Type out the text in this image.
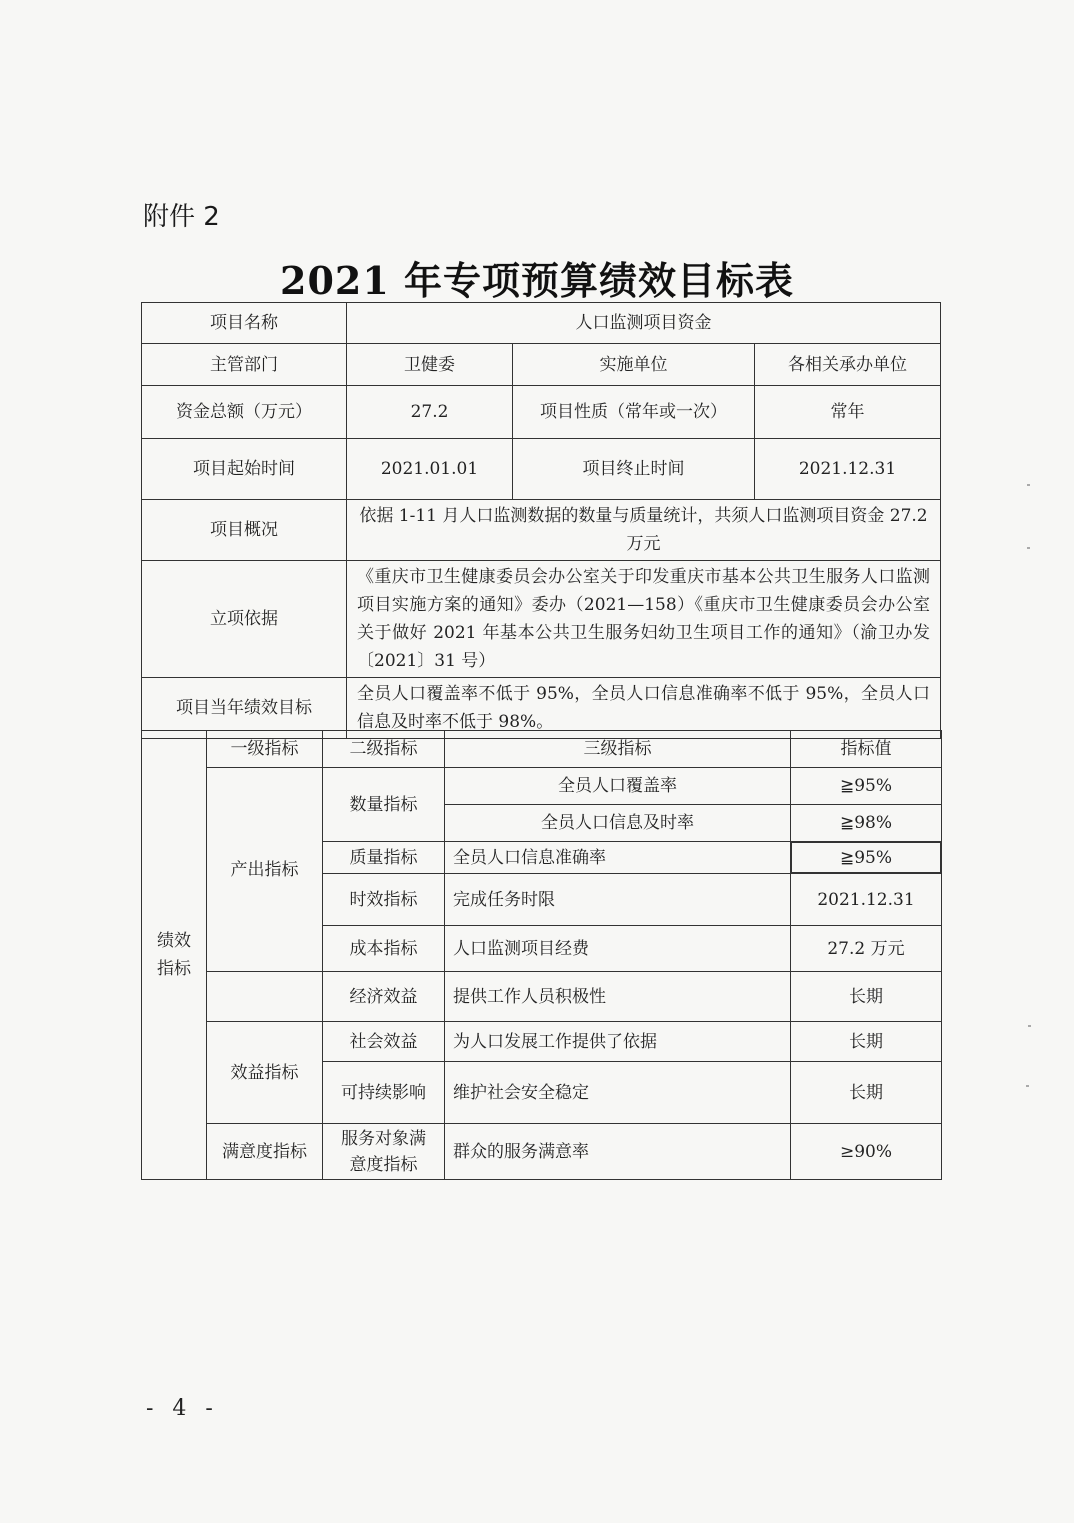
附件 2
2021 年专项预算绩效目标表
项目名称	人口监测项目资金		
主管部门	卫健委	实施单位	各相关承办单位
资金总额（万元）	27.2	项目性质（常年或一次）	常年
项目起始时间	2021.01.01	项目终止时间	2021.12.31
项目概况	依据 1-11 月人口监测数据的数量与质量统计，共须人口监测项目资金 27.2 万元		
立项依据	《重庆市卫生健康委员会办公室关于印发重庆市基本公共卫生服务人口监测项目实施方案的通知》委办（2021—158）《重庆市卫生健康委员会办公室关于做好 2021 年基本公共卫生服务妇幼卫生项目工作的通知》（渝卫办发〔2021〕31 号）		
项目当年绩效目标	全员人口覆盖率不低于 95%，全员人口信息准确率不低于 95%，全员人口信息及时率不低于 98%。		
绩效指标	一级指标	二级指标	三级指标	指标值
	产出指标	数量指标	全员人口覆盖率	≧95%
			全员人口信息及时率	≧98%
		质量指标	全员人口信息准确率	≧95%
		时效指标	完成任务时限	2021.12.31
		成本指标	人口监测项目经费	27.2 万元
		经济效益	提供工作人员积极性	长期
	效益指标	社会效益	为人口发展工作提供了依据	长期
		可持续影响	维护社会安全稳定	长期
	满意度指标	服务对象满意度指标	群众的服务满意率	≥90%
- 4 -
